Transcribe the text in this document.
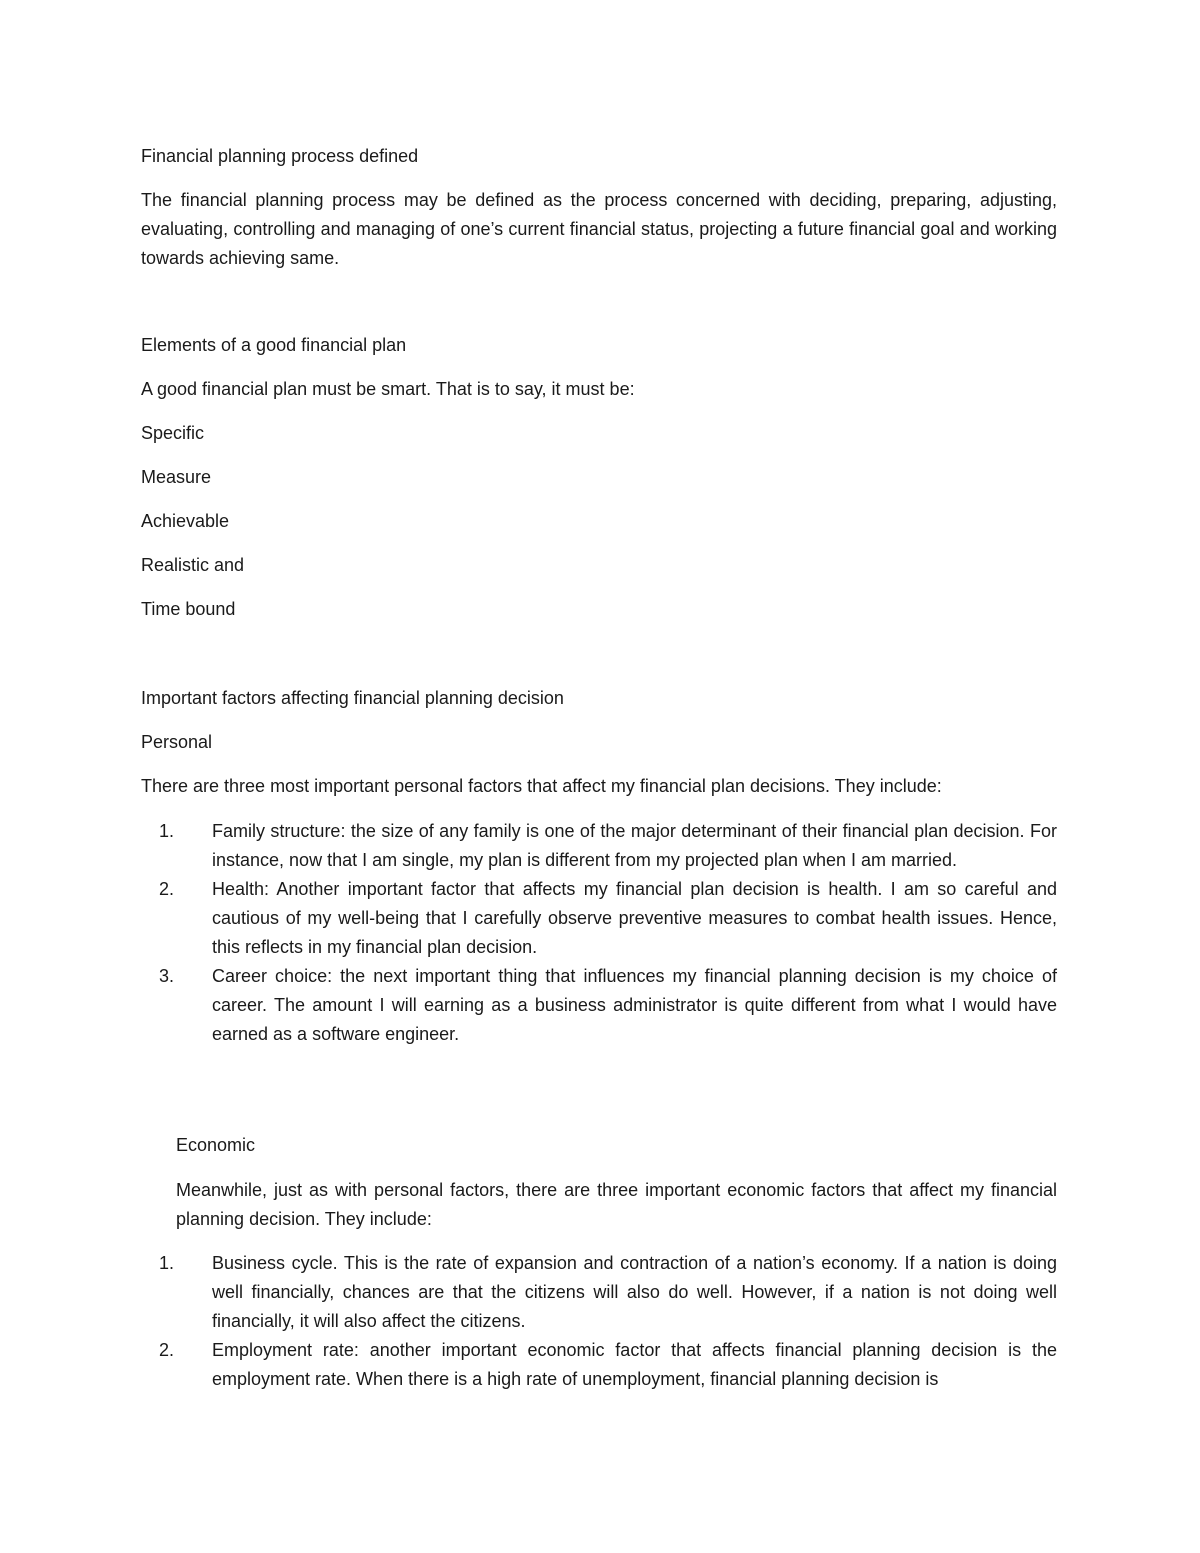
Financial planning process defined

The financial planning process may be defined as the process concerned with deciding, preparing, adjusting, evaluating, controlling and managing of one’s current financial status, projecting a future financial goal and working towards achieving same.

Elements of a good financial plan
A good financial plan must be smart. That is to say, it must be:
Specific
Measure
Achievable
Realistic and
Time bound
Important factors affecting financial planning decision
Personal
There are three most important personal factors that affect my financial plan decisions. They include:
1. Family structure: the size of any family is one of the major determinant of their financial plan decision. For instance, now that I am single, my plan is different from my projected plan when I am married.
2. Health: Another important factor that affects my financial plan decision is health. I am so careful and cautious of my well-being that I carefully observe preventive measures to combat health issues. Hence, this reflects in my financial plan decision.
3. Career choice: the next important thing that influences my financial planning decision is my choice of career. The amount I will earning as a business administrator is quite different from what I would have earned as a software engineer.
Economic

Meanwhile, just as with personal factors, there are three important economic factors that affect my financial planning decision. They include:

1. Business cycle. This is the rate of expansion and contraction of a nation’s economy. If a nation is doing well financially, chances are that the citizens will also do well. However, if a nation is not doing well financially, it will also affect the citizens.
2. Employment rate: another important economic factor that affects financial planning decision is the employment rate. When there is a high rate of unemployment, financial planning decision is
